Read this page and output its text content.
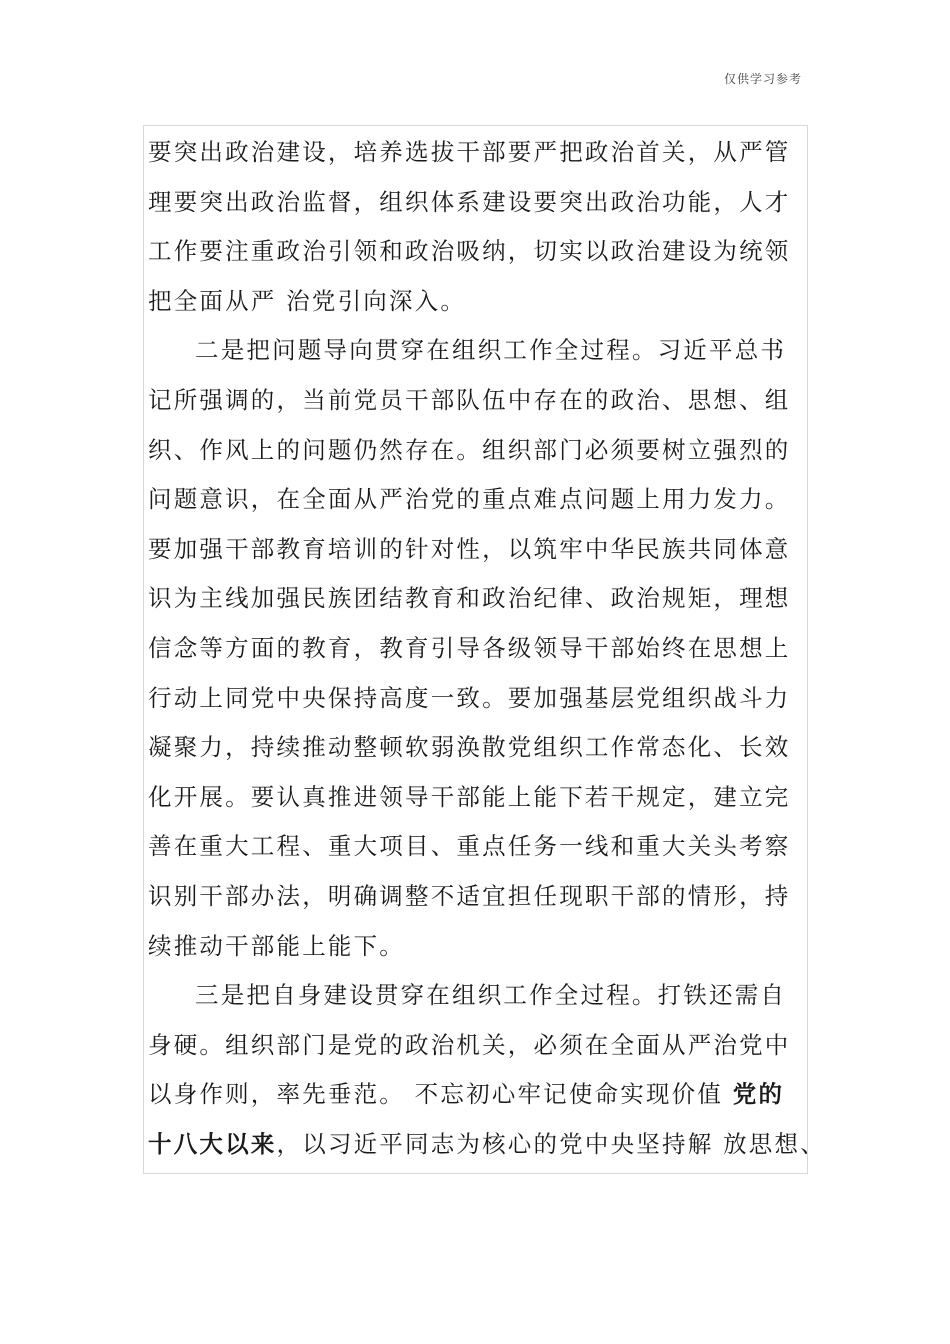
仅供学习参考
要突出政治建设，培养选拔干部要严把政治首关，从严管
理要突出政治监督，组织体系建设要突出政治功能，人才
工作要注重政治引领和政治吸纳，切实以政治建设为统领
把全面从严 治党引向深入。
二是把问题导向贯穿在组织工作全过程。习近平总书
记所强调的，当前党员干部队伍中存在的政治、思想、组
织、作风上的问题仍然存在。组织部门必须要树立强烈的
问题意识，在全面从严治党的重点难点问题上用力发力。
要加强干部教育培训的针对性，以筑牢中华民族共同体意
识为主线加强民族团结教育和政治纪律、政治规矩，理想
信念等方面的教育，教育引导各级领导干部始终在思想上
行动上同党中央保持高度一致。要加强基层党组织战斗力
凝聚力，持续推动整顿软弱涣散党组织工作常态化、长效
化开展。要认真推进领导干部能上能下若干规定，建立完
善在重大工程、重大项目、重点任务一线和重大关头考察
识别干部办法，明确调整不适宜担任现职干部的情形，持
续推动干部能上能下。
三是把自身建设贯穿在组织工作全过程。打铁还需自
身硬。组织部门是党的政治机关，必须在全面从严治党中
以身作则，率先垂范。 不忘初心牢记使命实现价值 党的
十八大以来，以习近平同志为核心的党中央坚持解 放思想、
